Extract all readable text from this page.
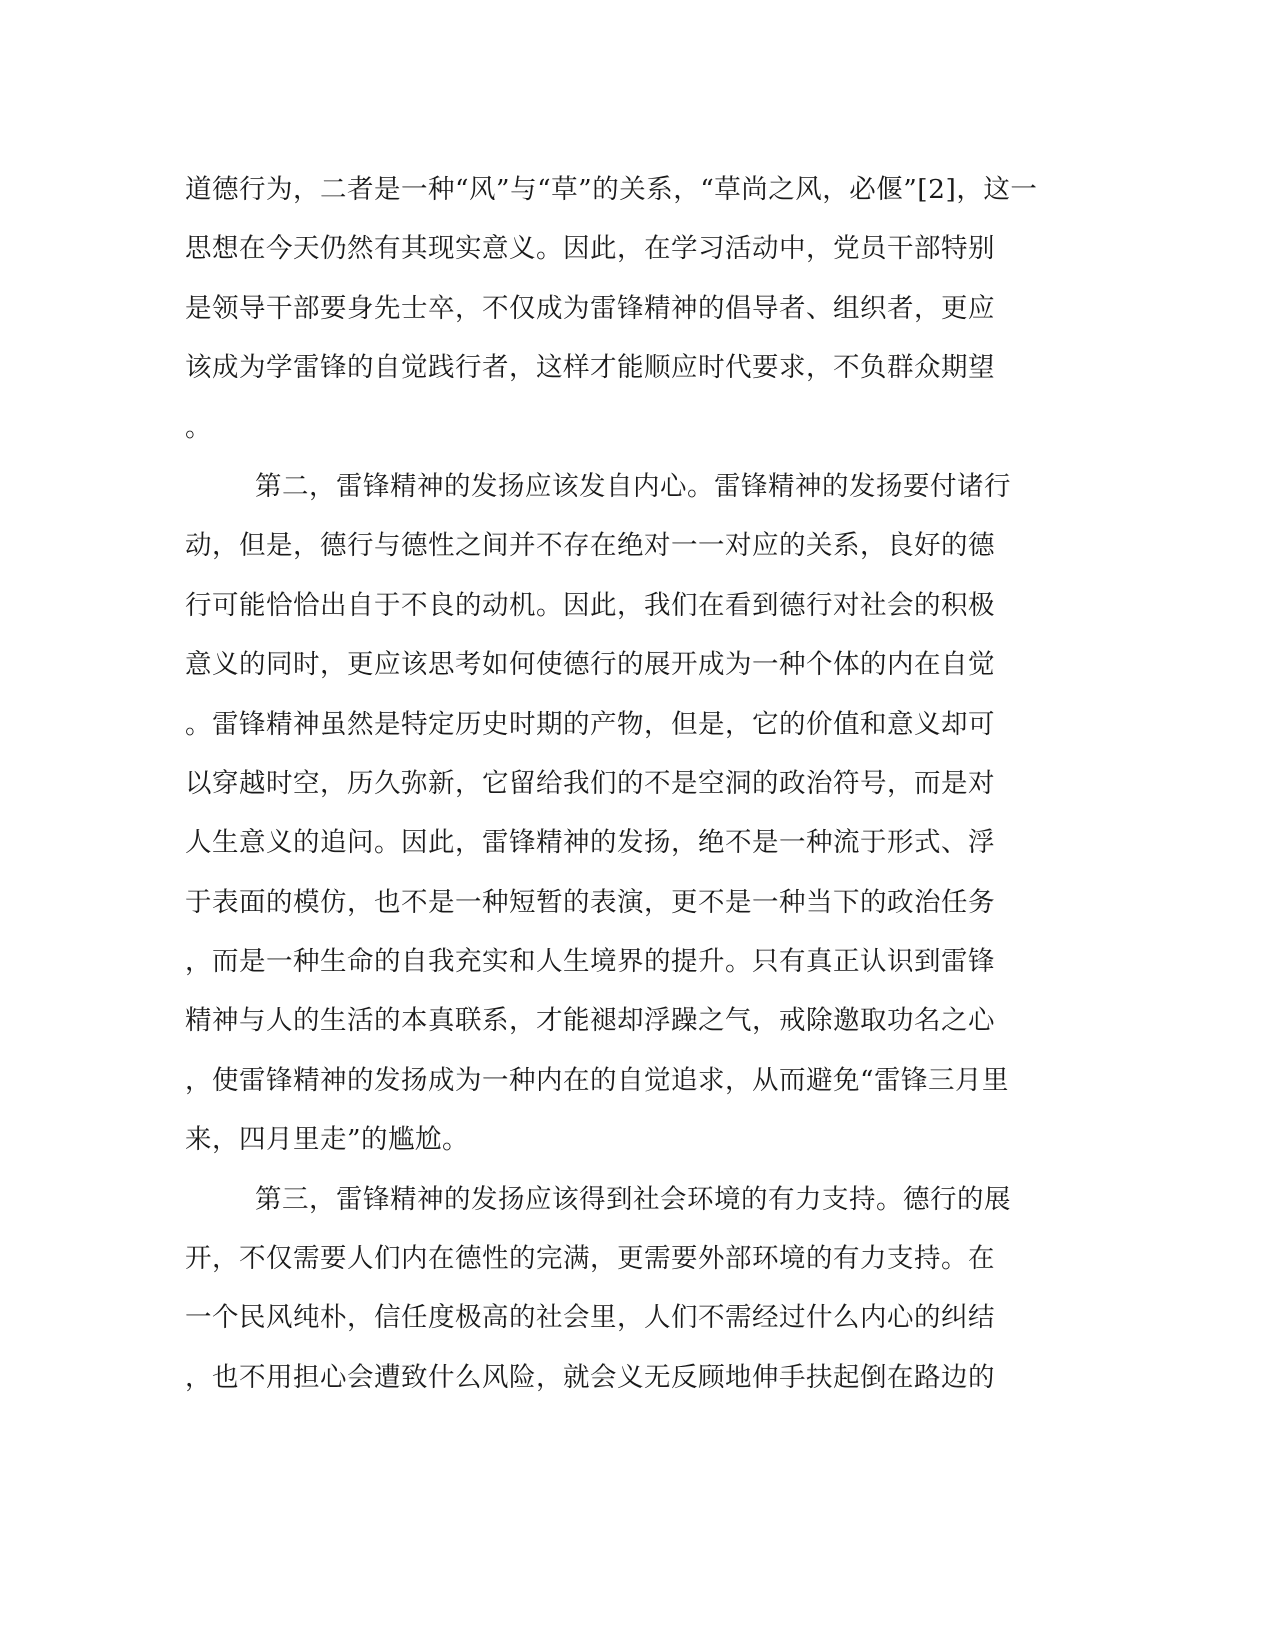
道德行为，二者是一种“风”与“草”的关系，“草尚之风，必偃”[2]，这一
思想在今天仍然有其现实意义。因此，在学习活动中，党员干部特别
是领导干部要身先士卒，不仅成为雷锋精神的倡导者、组织者，更应
该成为学雷锋的自觉践行者，这样才能顺应时代要求，不负群众期望
。
第二，雷锋精神的发扬应该发自内心。雷锋精神的发扬要付诸行
动，但是，德行与德性之间并不存在绝对一一对应的关系，良好的德
行可能恰恰出自于不良的动机。因此，我们在看到德行对社会的积极
意义的同时，更应该思考如何使德行的展开成为一种个体的内在自觉
。雷锋精神虽然是特定历史时期的产物，但是，它的价值和意义却可
以穿越时空，历久弥新，它留给我们的不是空洞的政治符号，而是对
人生意义的追问。因此，雷锋精神的发扬，绝不是一种流于形式、浮
于表面的模仿，也不是一种短暂的表演，更不是一种当下的政治任务
，而是一种生命的自我充实和人生境界的提升。只有真正认识到雷锋
精神与人的生活的本真联系，才能褪却浮躁之气，戒除邀取功名之心
，使雷锋精神的发扬成为一种内在的自觉追求，从而避免“雷锋三月里
来，四月里走”的尴尬。
第三，雷锋精神的发扬应该得到社会环境的有力支持。德行的展
开，不仅需要人们内在德性的完满，更需要外部环境的有力支持。在
一个民风纯朴，信任度极高的社会里，人们不需经过什么内心的纠结
，也不用担心会遭致什么风险，就会义无反顾地伸手扶起倒在路边的
